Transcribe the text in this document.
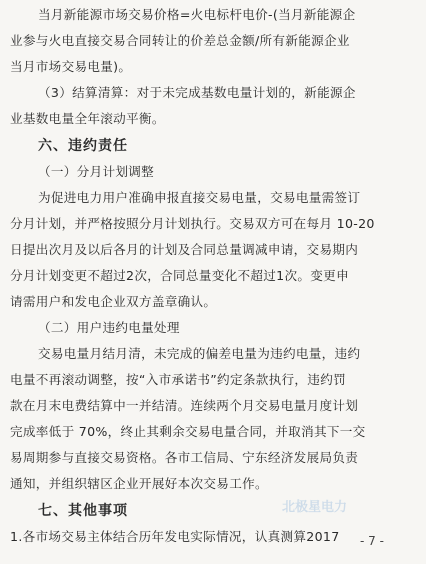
当月新能源市场交易价格=火电标杆电价-(当月新能源企
业参与火电直接交易合同转让的价差总金额/所有新能源企业
当月市场交易电量)。
（3）结算清算：对于未完成基数电量计划的，新能源企
业基数电量全年滚动平衡。
六、违约责任
（一）分月计划调整
为促进电力用户准确申报直接交易电量，交易电量需签订
分月计划，并严格按照分月计划执行。交易双方可在每月 10-20
日提出次月及以后各月的计划及合同总量调减申请，交易期内
分月计划变更不超过2次，合同总量变化不超过1次。变更申
请需用户和发电企业双方盖章确认。
（二）用户违约电量处理
交易电量月结月清，未完成的偏差电量为违约电量，违约
电量不再滚动调整，按“入市承诺书”约定条款执行，违约罚
款在月末电费结算中一并结清。连续两个月交易电量月度计划
完成率低于 70%，终止其剩余交易电量合同，并取消其下一交
易周期参与直接交易资格。各市工信局、宁东经济发展局负责
通知，并组织辖区企业开展好本次交易工作。
七、其他事项
1.各市场交易主体结合历年发电实际情况，认真测算2017
北极星电力
- 7 -
